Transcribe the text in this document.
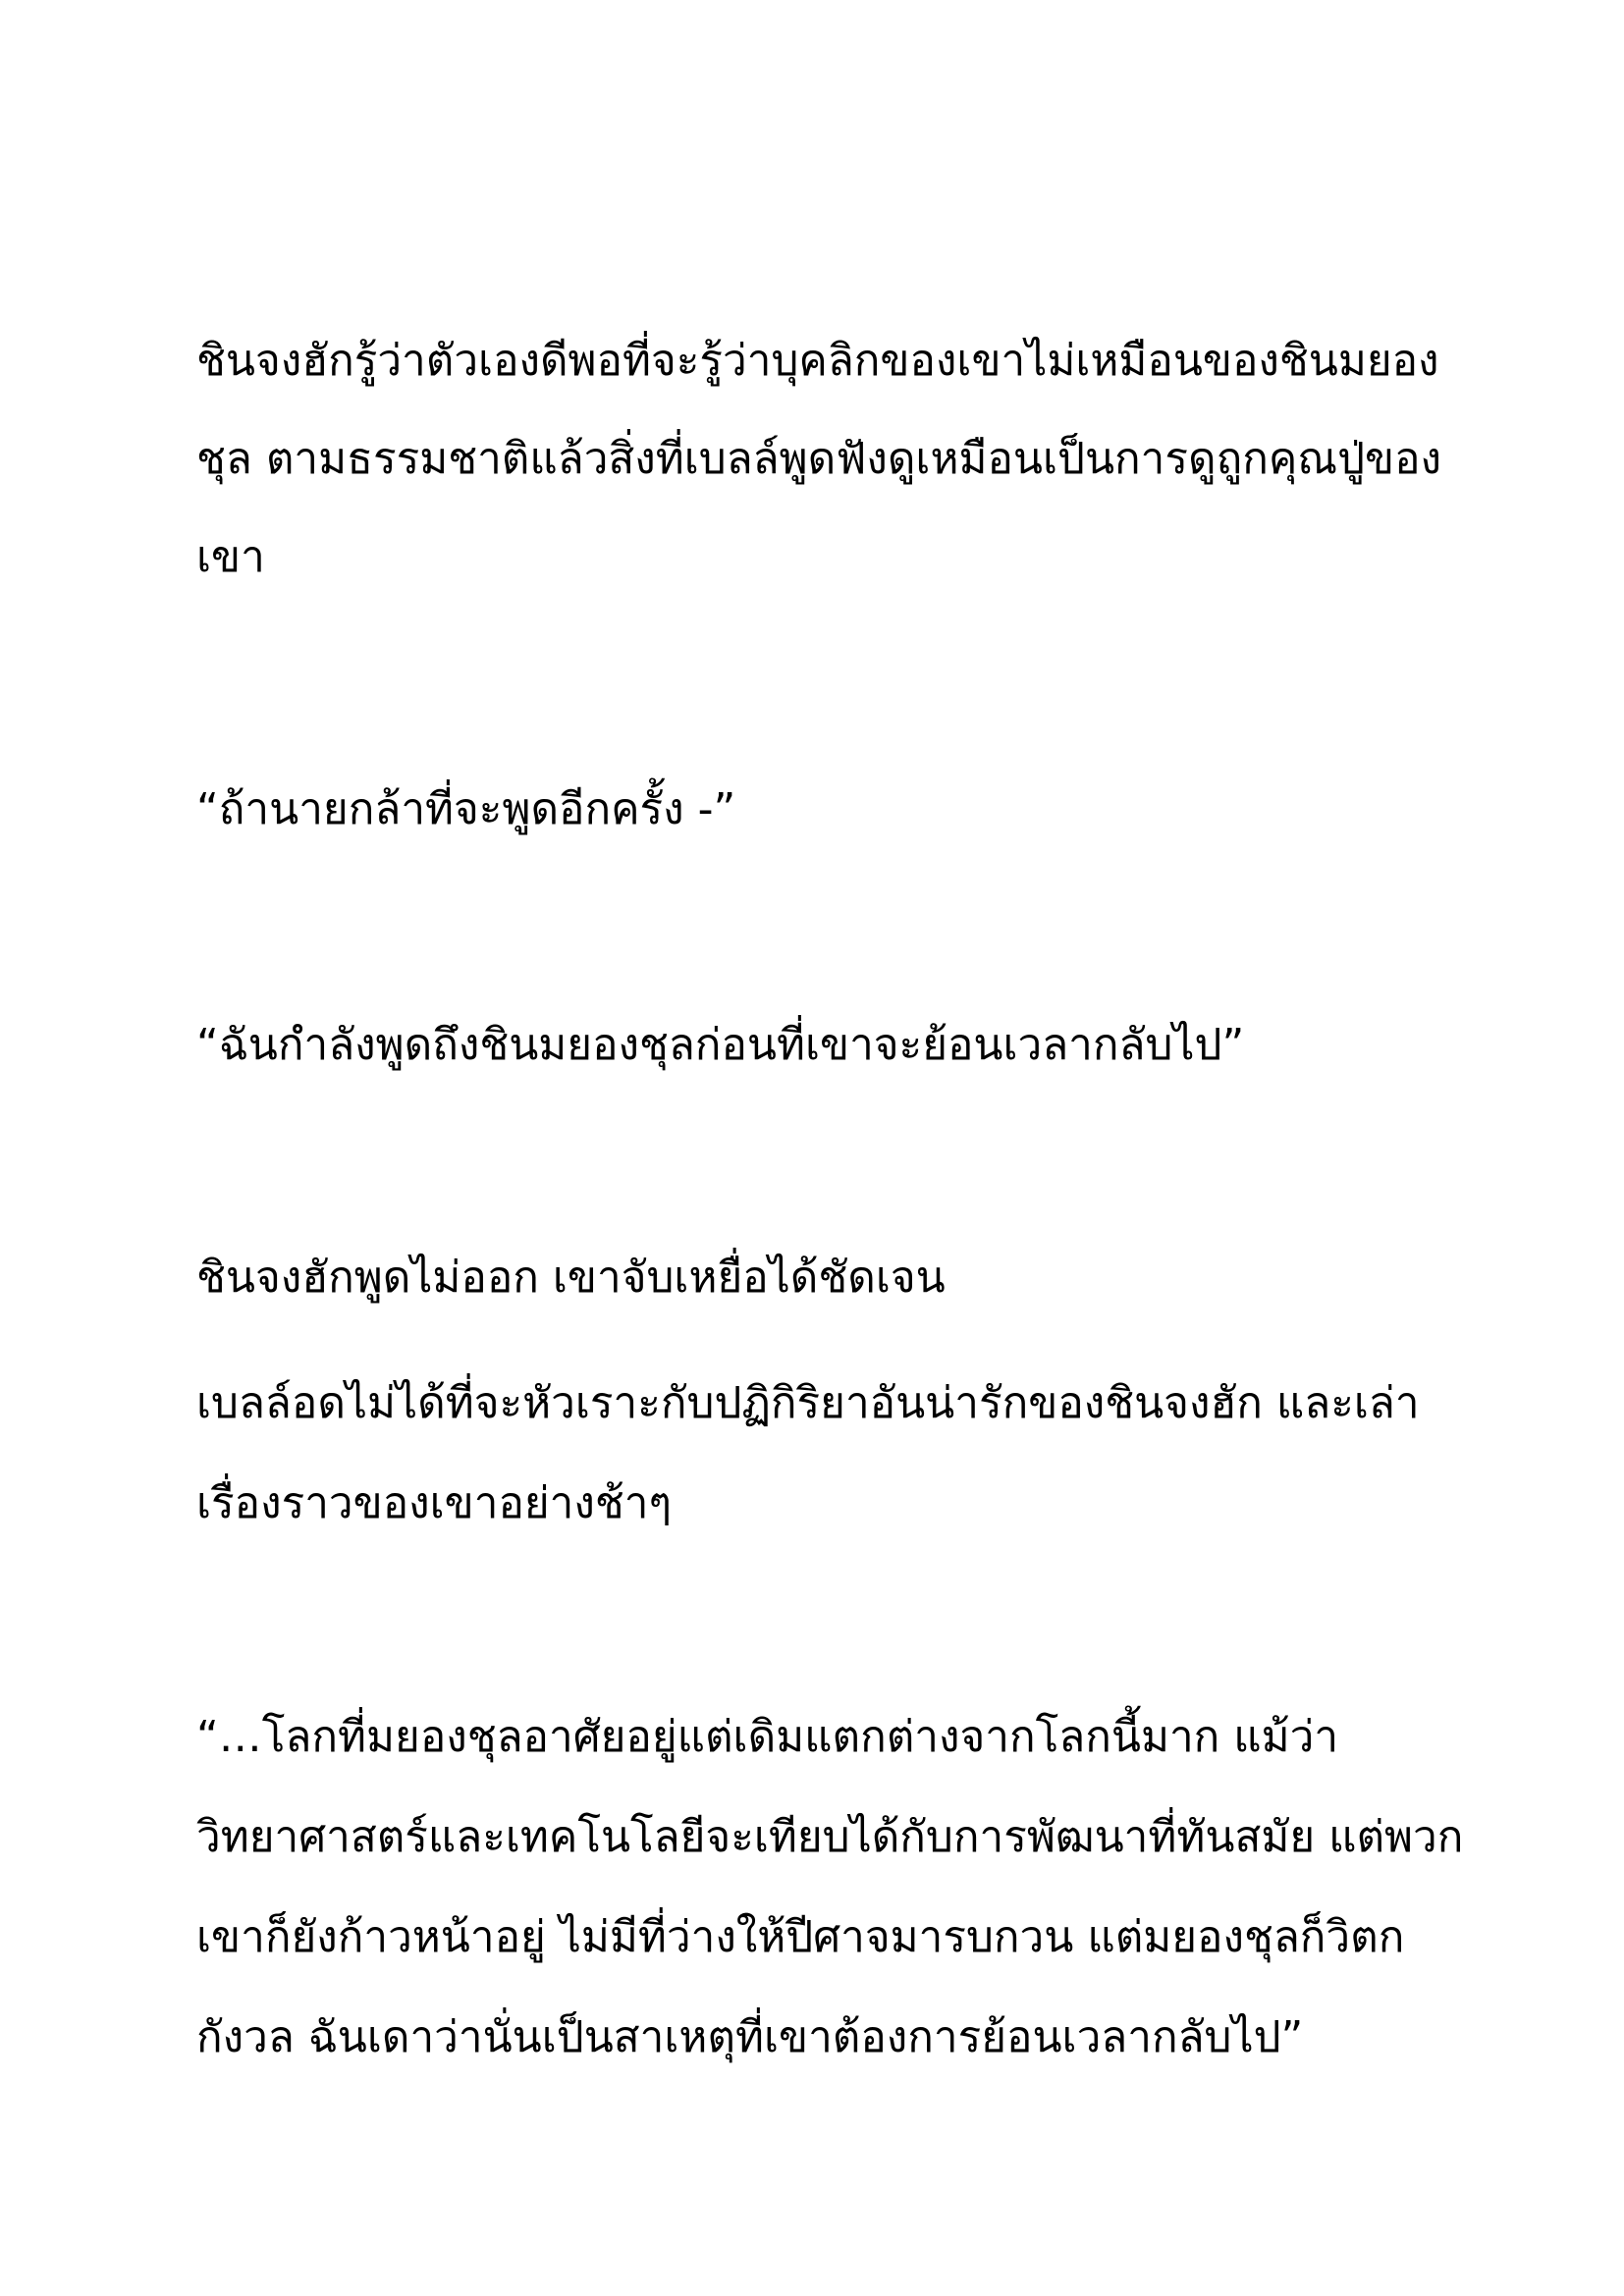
ชินจงฮักรู้ว่าตัวเองดีพอที่จะรู้ว่าบุคลิกของเขาไม่เหมือนของชินมยอง
ชุล ตามธรรมชาติแล้วสิ่งที่เบลล์พูดฟังดูเหมือนเป็นการดูถูกคุณปู่ของ
เขา
“ถ้านายกล้าที่จะพูดอีกครั้ง -”
“ฉันกำลังพูดถึงชินมยองชุลก่อนที่เขาจะย้อนเวลากลับไป”
ชินจงฮักพูดไม่ออก เขาจับเหยื่อได้ชัดเจน
เบลล์อดไม่ได้ที่จะหัวเราะกับปฏิกิริยาอันน่ารักของชินจงฮัก และเล่า
เรื่องราวของเขาอย่างช้าๆ
“…โลกที่มยองชุลอาศัยอยู่แต่เดิมแตกต่างจากโลกนี้มาก แม้ว่า
วิทยาศาสตร์และเทคโนโลยีจะเทียบได้กับการพัฒนาที่ทันสมัย แต่พวก
เขาก็ยังก้าวหน้าอยู่ ไม่มีที่ว่างให้ปีศาจมารบกวน แต่มยองชุลก็วิตก
กังวล ฉันเดาว่านั่นเป็นสาเหตุที่เขาต้องการย้อนเวลากลับไป”
